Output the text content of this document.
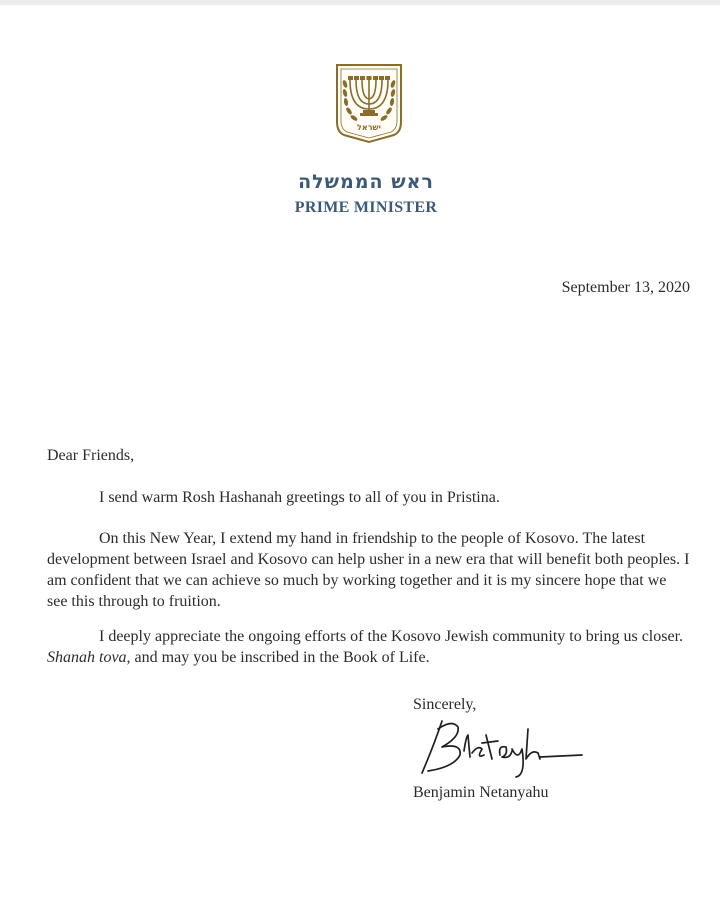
ישראל
ראש הממשלה
PRIME MINISTER
September 13, 2020
Dear Friends,

I send warm Rosh Hashanah greetings to all of you in Pristina.

On this New Year, I extend my hand in friendship to the people of Kosovo. The latest development between Israel and Kosovo can help usher in a new era that will benefit both peoples. I am confident that we can achieve so much by working together and it is my sincere hope that we see this through to fruition.

I deeply appreciate the ongoing efforts of the Kosovo Jewish community to bring us closer. Shanah tova, and may you be inscribed in the Book of Life.

Sincerely,
Benjamin Netanyahu
